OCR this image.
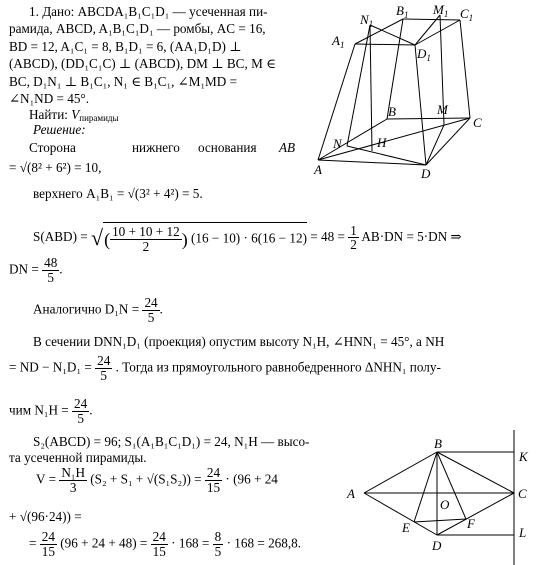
1. Дано: ABCDA₁B₁C₁D₁ — усеченная пи-
рамида, ABCD, A₁B₁C₁D₁ — ромбы, AC = 16,
BD = 12, A₁C₁ = 8, B₁D₁ = 6, (AA₁D₁D) ⊥
(ABCD), (DD₁C₁C) ⊥ (ABCD), DM ⊥ BC, M ∈
BC, D₁N₁ ⊥ B₁C₁, N₁ ∈ B₁C₁, ∠M₁MD =
∠N₁ND = 45°.
Найти: $V_{пирамиды}$
Решение:
Сторона	нижнего основания AB
= √(8² + 6²) = 10,
верхнего A₁B₁ = √(3² + 4²) = 5.
S(ABD) = √( $\frac{10 + 10 + 12}{2}$ ) $(16 - 10) \cdot 6(16 - 12) = 48 = \frac{1}{2} AB\cdot DN = 5\cdot DN$ ⇒
DN = $\frac{48}{5}$ .
Аналогично $D_1N = \frac{24}{5}$ .
В сечении DNN₁D₁ (проекция) опустим высоту N₁H, ∠HNN₁ = 45°, а NH
= ND − $N_1D_1 = \frac{24}{5}$ . Тогда из прямоугольного равнобедренного ΔNHN₁ полу-
чим $N_1H = \frac{24}{5}$ .
S₂(ABCD) = 96; S₁(A₁B₁C₁D₁) = 24, N₁H — высо-
та усеченной пирамиды.
$V = \frac{\text{N₁H}}{3} (S_2 + S_1 + √(S_1S_2)) = \frac{24}{15} \cdot (96 + 24$
+ √(96·24)) =
= $\frac{24}{15} (96 + 24 + 48) = \frac{24}{15} \cdot 168 = \frac{8}{5} \cdot 168 = 268,8$.
A
B
C
D
$A_1$
$B_1$	$C_1$
$D_1$
$N_1$
$M_1$
N
M
H
B
A	C
D
K
L
O
E	F
